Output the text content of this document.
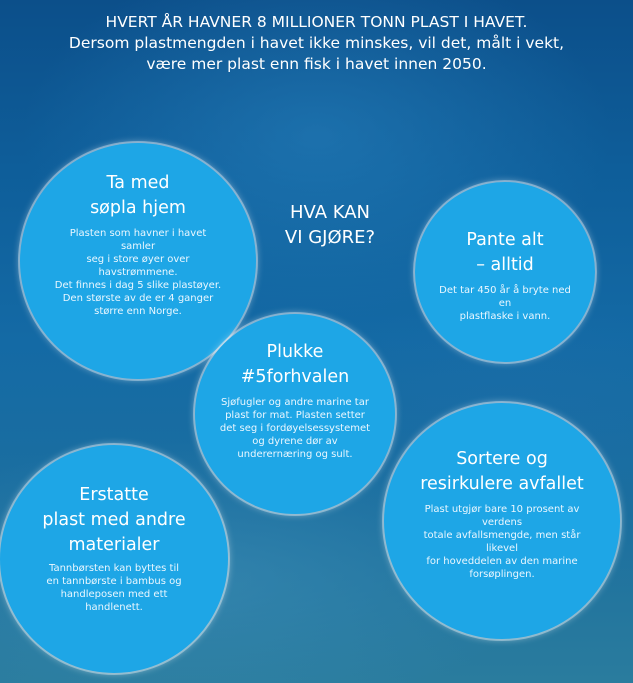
HVERT ÅR HAVNER 8 MILLIONER TONN PLAST I HAVET.
Dersom plastmengden i havet ikke minskes, vil det, målt i vekt,
være mer plast enn fisk i havet innen 2050.
HVA KAN
VI GJØRE?
Ta med
søpla hjem
Plasten som havner i havet samler
seg i store øyer over havstrømmene.
Det finnes i dag 5 slike plastøyer.
Den største av de er 4 ganger
større enn Norge.
Pante alt
– alltid
Det tar 450 år å bryte ned en
plastflaske i vann.
Plukke
#5forhvalen
Sjøfugler og andre marine tar
plast for mat. Plasten setter
det seg i fordøyelsessystemet
og dyrene dør av
underernæring og sult.	Sortere og
resirkulere avfallet
Plast utgjør bare 10 prosent av verdens
totale avfallsmengde, men står likevel
for hoveddelen av den marine
forsøplingen.
Erstatte
plast med andre
materialer
Tannbørsten kan byttes til
en tannbørste i bambus og
handleposen med ett
handlenett.
